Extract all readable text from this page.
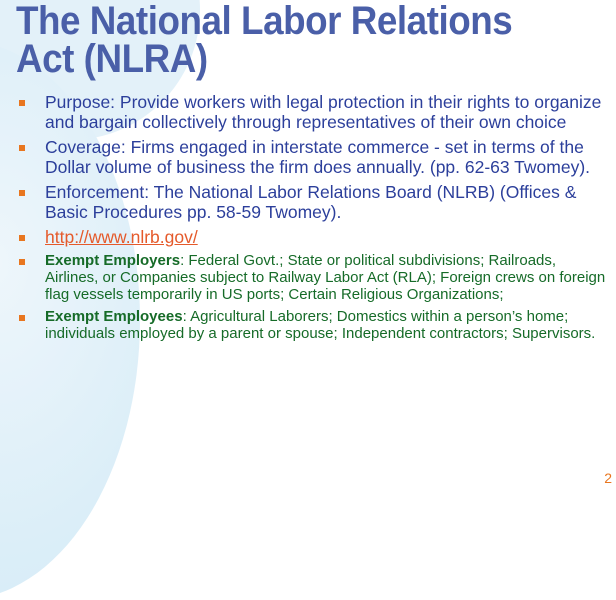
The National Labor Relations Act (NLRA)
Purpose: Provide workers with legal protection in their rights to organize and bargain collectively through representatives of their own choice
Coverage: Firms engaged in interstate commerce - set in terms of the Dollar volume of business the firm does annually. (pp. 62-63 Twomey).
Enforcement: The National Labor Relations Board (NLRB) (Offices & Basic Procedures pp. 58-59 Twomey).
http://www.nlrb.gov/
Exempt Employers: Federal Govt.; State or political subdivisions; Railroads, Airlines, or Companies subject to Railway Labor Act (RLA); Foreign crews on foreign flag vessels temporarily in US ports; Certain Religious Organizations;
Exempt Employees: Agricultural Laborers; Domestics within a person’s home; individuals employed by a parent or spouse; Independent contractors; Supervisors.
2
